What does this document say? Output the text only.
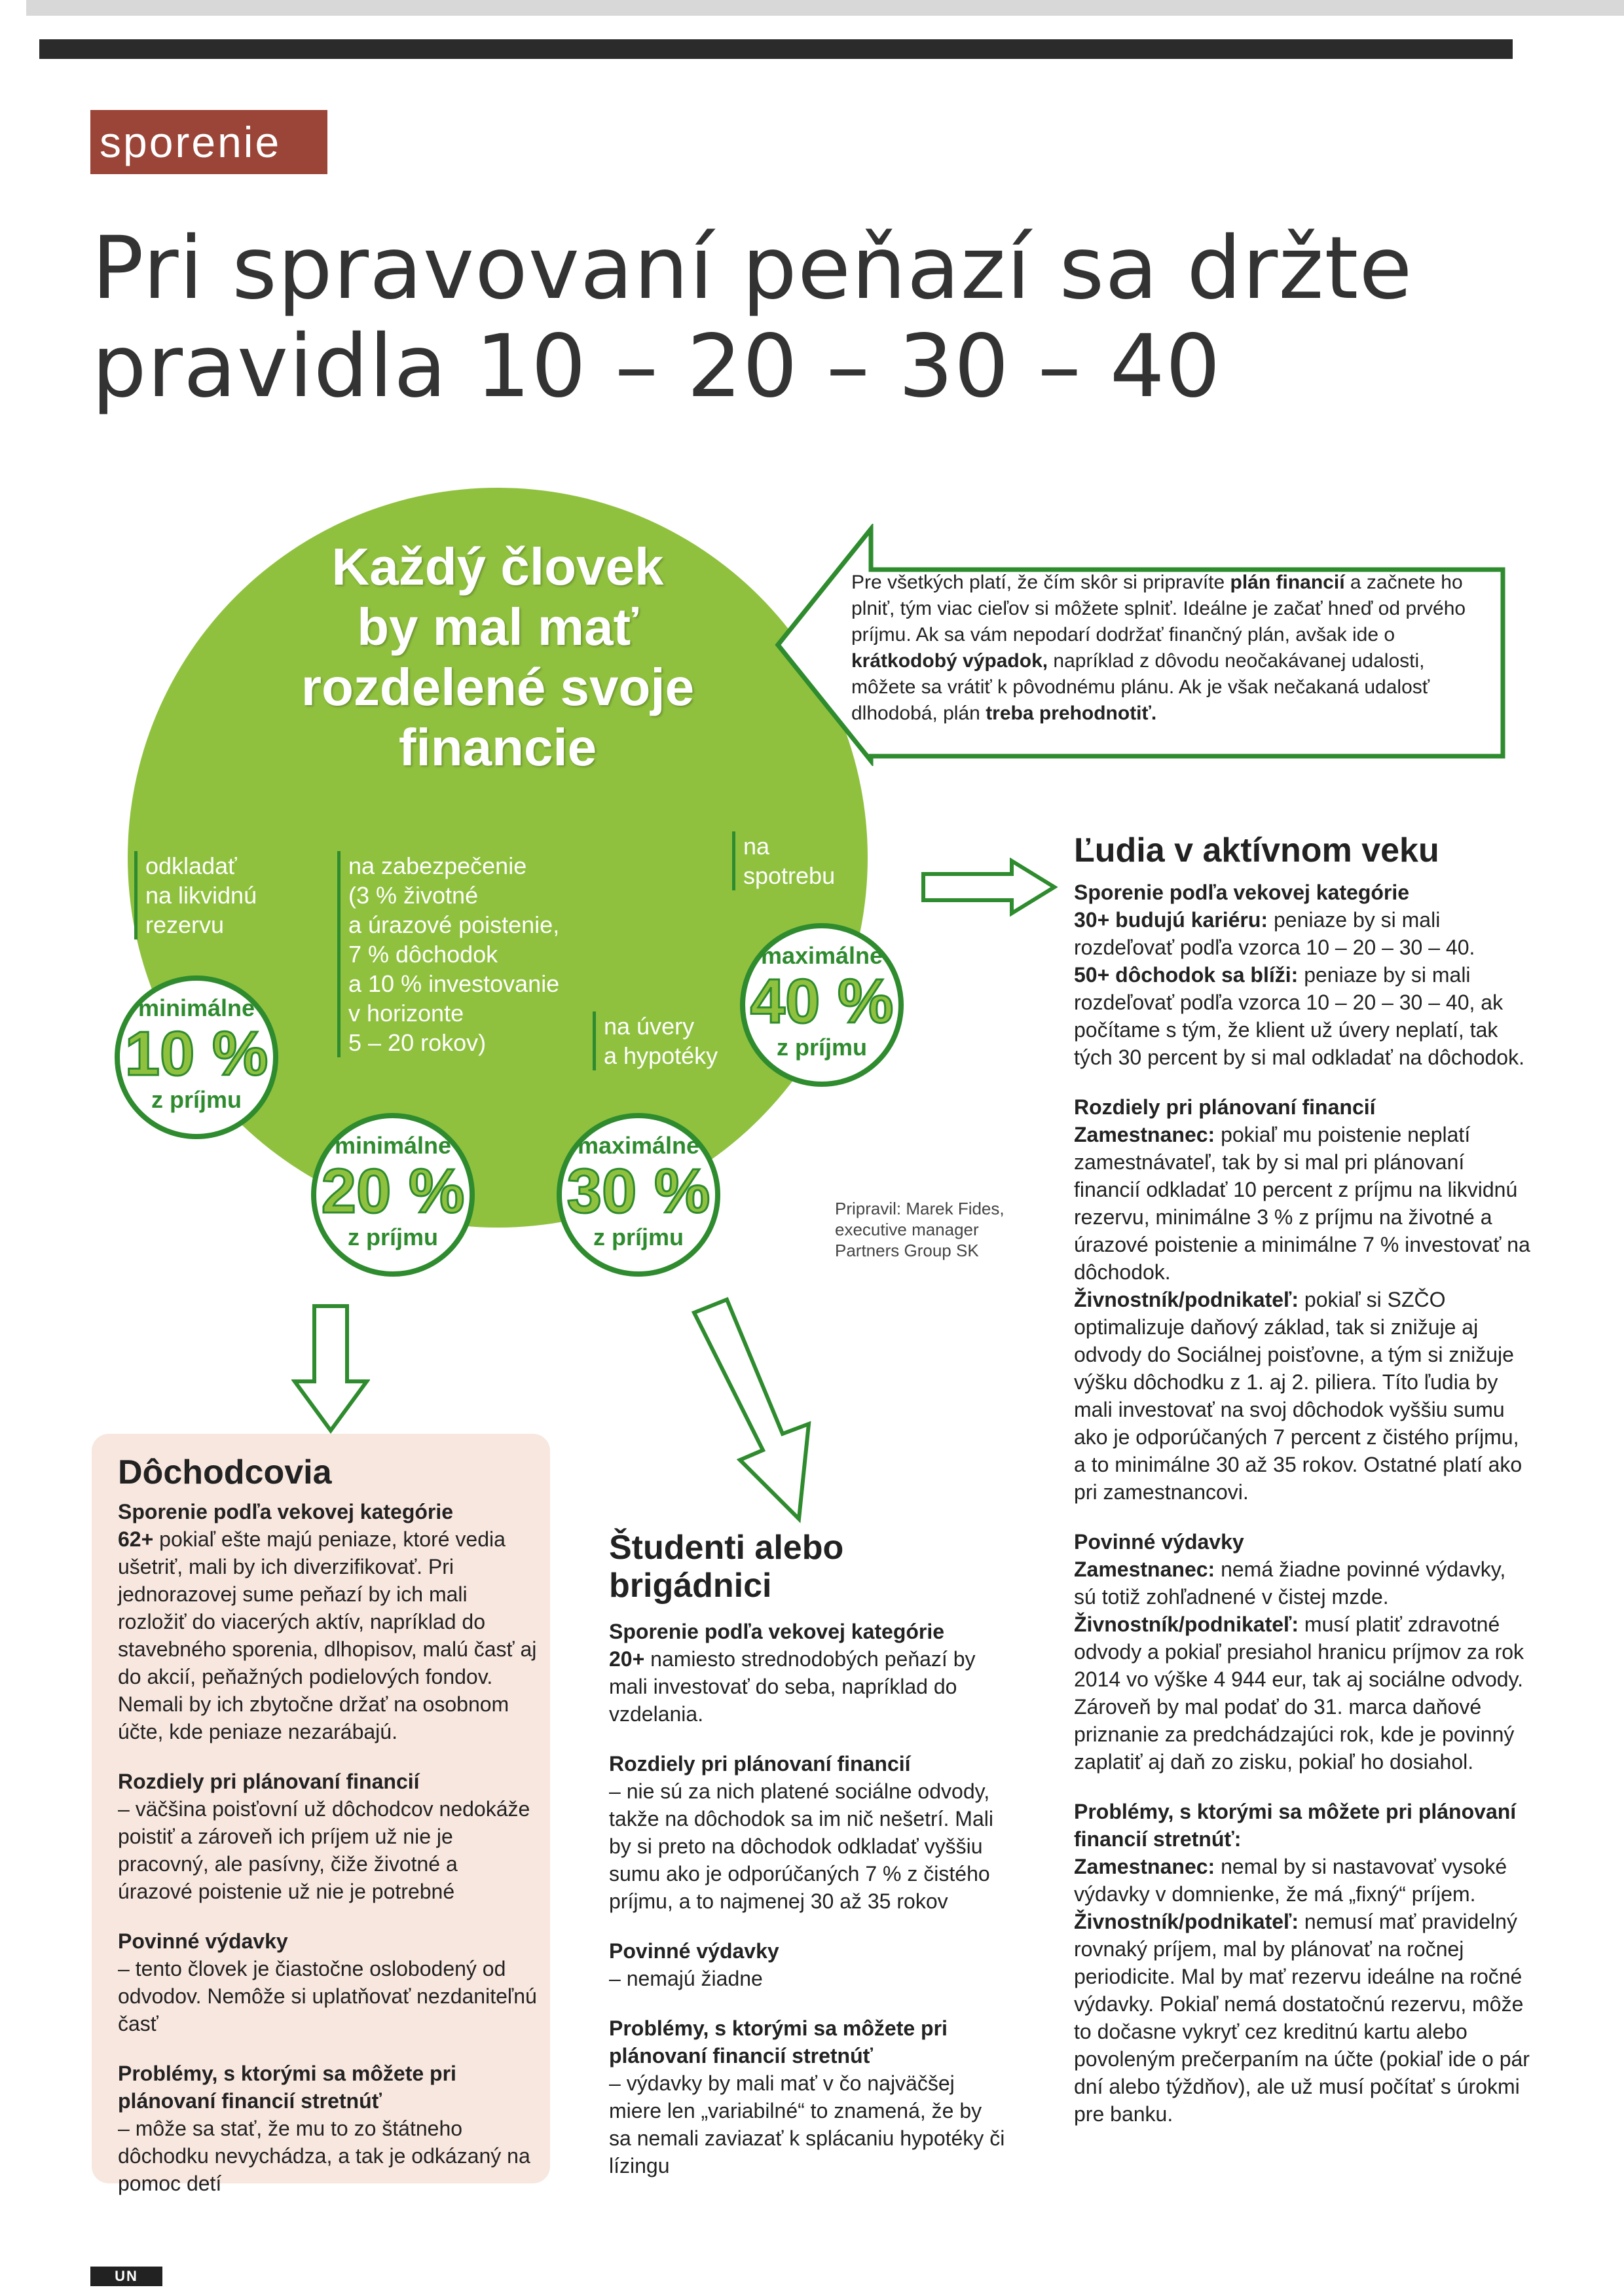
sporenie
Pri spravovaní peňazí sa držte
pravidla 10 – 20 – 30 – 40
Každý človek
by mal mať
rozdelené svoje
financie
Pre všetkých platí, že čím skôr si pripravíte plán financií a začnete ho plniť, tým viac cieľov si môžete splniť. Ideálne je začať hneď od prvého príjmu. Ak sa vám nepodarí dodržať finančný plán, avšak ide o krátkodobý výpadok, napríklad z dôvodu neočakávanej udalosti, môžete sa vrátiť k pôvodnému plánu. Ak je však nečakaná udalosť dlhodobá, plán treba prehodnotiť.
odkladať
na likvidnú
rezervu
na zabezpečenie
(3 % životné
a úrazové poistenie,
7 % dôchodok
a 10 % investovanie
v horizonte
5 – 20 rokov)
na úvery
a hypotéky
na
spotrebu
minimálne
10 %
z príjmu
minimálne
20 %
z príjmu
maximálne
30 %
z príjmu
maximálne
40 %
z príjmu
Pripravil: Marek Fides,
executive manager
Partners Group SK
Dôchodcovia
Sporenie podľa vekovej kategórie
62+ pokiaľ ešte majú peniaze, ktoré vedia ušetriť, mali by ich diverzifikovať. Pri jednorazovej sume peňazí by ich mali rozložiť do viacerých aktív, napríklad do stavebného sporenia, dlhopisov, malú časť aj do akcií, peňažných podielových fondov. Nemali by ich zbytočne držať na osobnom účte, kde peniaze nezarábajú.
Rozdiely pri plánovaní financií
– väčšina poisťovní už dôchodcov nedokáže poistiť a zároveň ich príjem už nie je pracovný, ale pasívny, čiže životné a úrazové poistenie už nie je potrebné
Povinné výdavky
– tento človek je čiastočne oslobodený od odvodov. Nemôže si uplatňovať nezdaniteľnú časť
Problémy, s ktorými sa môžete pri plánovaní financií stretnúť
– môže sa stať, že mu to zo štátneho dôchodku nevychádza, a tak je odkázaný na pomoc detí
Študenti alebo brigádnici
Sporenie podľa vekovej kategórie
20+ namiesto strednodobých peňazí by mali investovať do seba, napríklad do vzdelania.
Rozdiely pri plánovaní financií
– nie sú za nich platené sociálne odvody, takže na dôchodok sa im nič nešetrí. Mali by si preto na dôchodok odkladať vyššiu sumu ako je odporúčaných 7 % z čistého príjmu, a to najmenej 30 až 35 rokov
Povinné výdavky
– nemajú žiadne
Problémy, s ktorými sa môžete pri plánovaní financií stretnúť
– výdavky by mali mať v čo najväčšej miere len „variabilné“ to znamená, že by sa nemali zaviazať k splácaniu hypotéky či lízingu
Ľudia v aktívnom veku
Sporenie podľa vekovej kategórie
30+ budujú kariéru: peniaze by si mali rozdeľovať podľa vzorca 10 – 20 – 30 – 40.
50+ dôchodok sa blíži: peniaze by si mali rozdeľovať podľa vzorca 10 – 20 – 30 – 40, ak počítame s tým, že klient už úvery neplatí, tak tých 30 percent by si mal odkladať na dôchodok.
Rozdiely pri plánovaní financií
Zamestnanec: pokiaľ mu poistenie neplatí zamestnávateľ, tak by si mal pri plánovaní financií odkladať 10 percent z príjmu na likvidnú rezervu, minimálne 3 % z príjmu na životné a úrazové poistenie a minimálne 7 % investovať na dôchodok.
Živnostník/podnikateľ: pokiaľ si SZČO optimalizuje daňový základ, tak si znižuje aj odvody do Sociálnej poisťovne, a tým si znižuje výšku dôchodku z 1. aj 2. piliera. Títo ľudia by mali investovať na svoj dôchodok vyššiu sumu ako je odporúčaných 7 percent z čistého príjmu, a to minimálne 30 až 35 rokov. Ostatné platí ako pri zamestnancovi.
Povinné výdavky
Zamestnanec: nemá žiadne povinné výdavky, sú totiž zohľadnené v čistej mzde.
Živnostník/podnikateľ: musí platiť zdravotné odvody a pokiaľ presiahol hranicu príjmov za rok 2014 vo výške 4 944 eur, tak aj sociálne odvody. Zároveň by mal podať do 31. marca daňové priznanie za predchádzajúci rok, kde je povinný zaplatiť aj daň zo zisku, pokiaľ ho dosiahol.
Problémy, s ktorými sa môžete pri plánovaní financií stretnúť:
Zamestnanec: nemal by si nastavovať vysoké výdavky v domnienke, že má „fixný“ príjem.
Živnostník/podnikateľ: nemusí mať pravidelný rovnaký príjem, mal by plánovať na ročnej periodicite. Mal by mať rezervu ideálne na ročné výdavky. Pokiaľ nemá dostatočnú rezervu, môže to dočasne vykryť cez kreditnú kartu alebo povoleným prečerpaním na účte (pokiaľ ide o pár dní alebo týždňov), ale už musí počítať s úrokmi pre banku.
UN
